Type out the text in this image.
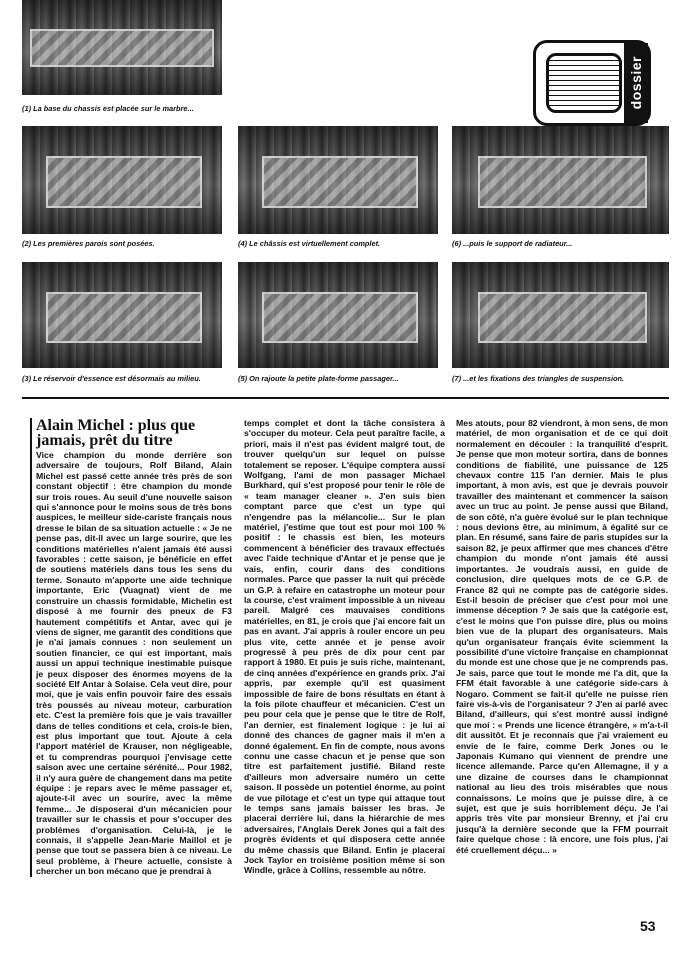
(1) La base du chassis est placée sur le marbre...	dossier
(2) Les premières parois sont posées.	(4) Le châssis est virtuellement complet.	(6) ...puis le support de radiateur...
(3) Le réservoir d'essence est désormais au milieu.	(5) On rajoute la petite plate-forme passager...	(7) ...et les fixations des triangles de suspension.
Alain Michel : plus que jamais, prêt du titre

Vice champion du monde derrière son adversaire de toujours, Rolf Biland, Alain Michel est passé cette année très près de son constant objectif : être champion du monde sur trois roues. Au seuil d'une nouvelle saison qui s'annonce pour le moins sous de très bons auspices, le meilleur side-cariste français nous dresse le bilan de sa situation actuelle : « Je ne pense pas, dit-il avec un large sourire, que les conditions matérielles n'aient jamais été aussi favorables : cette saison, je bénéficie en effet de soutiens matériels dans tous les sens du terme. Sonauto m'apporte une aide technique importante, Eric (Vuagnat) vient de me construire un chassis formidable, Michelin est disposé à me fournir des pneux de F3 hautement compétitifs et Antar, avec qui je viens de signer, me garantit des conditions que je n'ai jamais connues : non seulement un soutien financier, ce qui est important, mais aussi un appui technique inestimable puisque je peux disposer des énormes moyens de la société Elf Antar à Solaise. Cela veut dire, pour moi, que je vais enfin pouvoir faire des essais très poussés au niveau moteur, carburation etc. C'est la première fois que je vais travailler dans de telles conditions et cela, crois-le bien, est plus important que tout. Ajoute à cela l'apport matériel de Krauser, non négligeable, et tu comprendras pourquoi j'envisage cette saison avec une certaine sérénité... Pour 1982, il n'y aura guère de changement dans ma petite équipe : je repars avec le même passager et, ajoute-t-il avec un sourire, avec la même femme... Je disposerai d'un mécanicien pour travailler sur le chassis et pour s'occuper des problèmes d'organisation. Celui-là, je le connais, il s'appelle Jean-Marie Maillol et je pense que tout se passera bien à ce niveau. Le seul problème, à l'heure actuelle, consiste à chercher un bon mécano que je prendrai à

temps complet et dont la tâche consistera à s'occuper du moteur. Cela peut paraître facile, a priori, mais il n'est pas évident malgré tout, de trouver quelqu'un sur lequel on puisse totalement se reposer. L'équipe comptera aussi Wolfgang, l'ami de mon passager Michael Burkhard, qui s'est proposé pour tenir le rôle de « team manager cleaner ». J'en suis bien comptant parce que c'est un type qui n'engendre pas la mélancolie... Sur le plan matériel, j'estime que tout est pour moi 100 % positif : le chassis est bien, les moteurs commencent à bénéficier des travaux effectués avec l'aide technique d'Antar et je pense que je vais, enfin, courir dans des conditions normales. Parce que passer la nuit qui précède un G.P. à refaire en catastrophe un moteur pour la course, c'est vraiment impossible à un niveau pareil. Malgré ces mauvaises conditions matérielles, en 81, je crois que j'ai encore fait un pas en avant. J'ai appris à rouler encore un peu plus vite, cette année et je pense avoir progressé à peu près de dix pour cent par rapport à 1980. Et puis je suis riche, maintenant, de cinq années d'expérience en grands prix. J'ai appris, par exemple qu'il est quasiment impossible de faire de bons résultats en étant à la fois pilote chauffeur et mécanicien. C'est un peu pour cela que je pense que le titre de Rolf, l'an dernier, est finalement logique : je lui ai donné des chances de gagner mais il m'en a donné également. En fin de compte, nous avons connu une casse chacun et je pense que son titre est parfaitement justifié. Biland reste d'ailleurs mon adversaire numéro un cette saison. Il possède un potentiel énorme, au point de vue pilotage et c'est un type qui attaque tout le temps sans jamais baisser les bras. Je placerai derrière lui, dans la hiérarchie de mes adversaires, l'Anglais Derek Jones qui a fait des progrès évidents et qui disposera cette année du même chassis que Biland. Enfin je placerai Jock Taylor en troisième position même si son Windle, grâce à Collins, ressemble au nôtre.

Mes atouts, pour 82 viendront, à mon sens, de mon matériel, de mon organisation et de ce qui doit normalement en découler : la tranquilité d'esprit. Je pense que mon moteur sortira, dans de bonnes conditions de fiabilité, une puissance de 125 chevaux contre 115 l'an dernier. Mais le plus important, à mon avis, est que je devrais pouvoir travailler des maintenant et commencer la saison avec un truc au point. Je pense aussi que Biland, de son côté, n'a guère évolué sur le plan technique : nous devions être, au minimum, à égalité sur ce plan. En résumé, sans faire de paris stupides sur la saison 82, je peux affirmer que mes chances d'être champion du monde n'ont jamais été aussi importantes. Je voudrais aussi, en guide de conclusion, dire quelques mots de ce G.P. de France 82 qui ne compte pas de catégorie sides. Est-il besoin de préciser que c'est pour moi une immense déception ? Je sais que la catégorie est, c'est le moins que l'on puisse dire, plus ou moins bien vue de la plupart des organisateurs. Mais qu'un organisateur français évite sciemment la possibilité d'une victoire française en championnat du monde est une chose que je ne comprends pas. Je sais, parce que tout le monde me l'a dit, que la FFM était favorable à une catégorie side-cars à Nogaro. Comment se fait-il qu'elle ne puisse rien faire vis-à-vis de l'organisateur ? J'en ai parlé avec Biland, d'ailleurs, qui s'est montré aussi indigné que moi : « Prends une licence étrangère, » m'a-t-il dit aussitôt. Et je reconnais que j'ai vraiement eu envie de le faire, comme Derk Jones ou le Japonais Kumano qui viennent de prendre une licence allemande. Parce qu'en Allemagne, il y a une dizaine de courses dans le championnat national au lieu des trois misérables que nous connaissons. Le moins que je puisse dire, à ce sujet, est que je suis horriblement déçu. Je l'ai appris très vite par monsieur Brenny, et j'ai cru jusqu'à la dernière seconde que la FFM pourrait faire quelque chose : là encore, une fois plus, j'ai été cruellement déçu... »

53
